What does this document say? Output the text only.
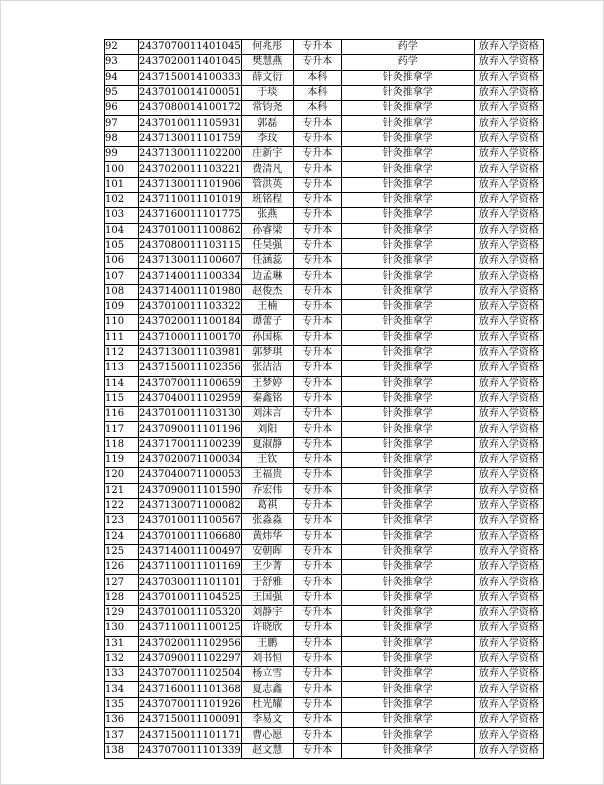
92	2437070011401045	何兆彤	专升本	药学	放弃入学资格
93	2437020011401045	樊慧燕	专升本	药学	放弃入学资格
94	2437150014100333	薛文衍	本科	针灸推拿学	放弃入学资格
95	2437010014100051	于琰	本科	针灸推拿学	放弃入学资格
96	2437080014100172	常钧尧	本科	针灸推拿学	放弃入学资格
97	2437010011105931	郭磊	专升本	针灸推拿学	放弃入学资格
98	2437130011101759	李玟	专升本	针灸推拿学	放弃入学资格
99	2437130011102200	庄新宇	专升本	针灸推拿学	放弃入学资格
100	2437020011103221	费清凡	专升本	针灸推拿学	放弃入学资格
101	2437130011101906	管洪英	专升本	针灸推拿学	放弃入学资格
102	2437110011101019	班铭程	专升本	针灸推拿学	放弃入学资格
103	2437160011101775	张燕	专升本	针灸推拿学	放弃入学资格
104	2437010011100862	孙睿梁	专升本	针灸推拿学	放弃入学资格
105	2437080011103115	任昊强	专升本	针灸推拿学	放弃入学资格
106	2437130011100607	任涵蕊	专升本	针灸推拿学	放弃入学资格
107	2437140011100334	边孟琳	专升本	针灸推拿学	放弃入学资格
108	2437140011101980	赵俊杰	专升本	针灸推拿学	放弃入学资格
109	2437010011103322	王楠	专升本	针灸推拿学	放弃入学资格
110	2437020011100184	谭蕾子	专升本	针灸推拿学	放弃入学资格
111	2437100011100170	孙国栋	专升本	针灸推拿学	放弃入学资格
112	2437130011103981	郭梦琪	专升本	针灸推拿学	放弃入学资格
113	2437150011102356	张洁洁	专升本	针灸推拿学	放弃入学资格
114	2437070011100659	王梦婷	专升本	针灸推拿学	放弃入学资格
115	2437040011102959	秦鑫铭	专升本	针灸推拿学	放弃入学资格
116	2437010011103130	刘沫言	专升本	针灸推拿学	放弃入学资格
117	2437090011101196	刘阳	专升本	针灸推拿学	放弃入学资格
118	2437170011100239	夏淑静	专升本	针灸推拿学	放弃入学资格
119	2437020071100034	王钦	专升本	针灸推拿学	放弃入学资格
120	2437040071100053	王福贵	专升本	针灸推拿学	放弃入学资格
121	2437090011101590	乔宏伟	专升本	针灸推拿学	放弃入学资格
122	2437130071100082	葛祺	专升本	针灸推拿学	放弃入学资格
123	2437010011100567	张淼淼	专升本	针灸推拿学	放弃入学资格
124	2437010011106680	黄炜华	专升本	针灸推拿学	放弃入学资格
125	2437140011100497	安朝晖	专升本	针灸推拿学	放弃入学资格
126	2437110011101169	王少菁	专升本	针灸推拿学	放弃入学资格
127	2437030011101101	于舒雅	专升本	针灸推拿学	放弃入学资格
128	2437010011104525	王国强	专升本	针灸推拿学	放弃入学资格
129	2437010011105320	刘静宇	专升本	针灸推拿学	放弃入学资格
130	2437110011100125	许晓欣	专升本	针灸推拿学	放弃入学资格
131	2437020011102956	王鹏	专升本	针灸推拿学	放弃入学资格
132	2437090011102297	刘书恒	专升本	针灸推拿学	放弃入学资格
133	2437070011102504	杨立雪	专升本	针灸推拿学	放弃入学资格
134	2437160011101368	夏志鑫	专升本	针灸推拿学	放弃入学资格
135	2437070011101926	杜光耀	专升本	针灸推拿学	放弃入学资格
136	2437150011100091	李易文	专升本	针灸推拿学	放弃入学资格
137	2437150011101171	曹心愿	专升本	针灸推拿学	放弃入学资格
138	2437070011101339	赵文慧	专升本	针灸推拿学	放弃入学资格
